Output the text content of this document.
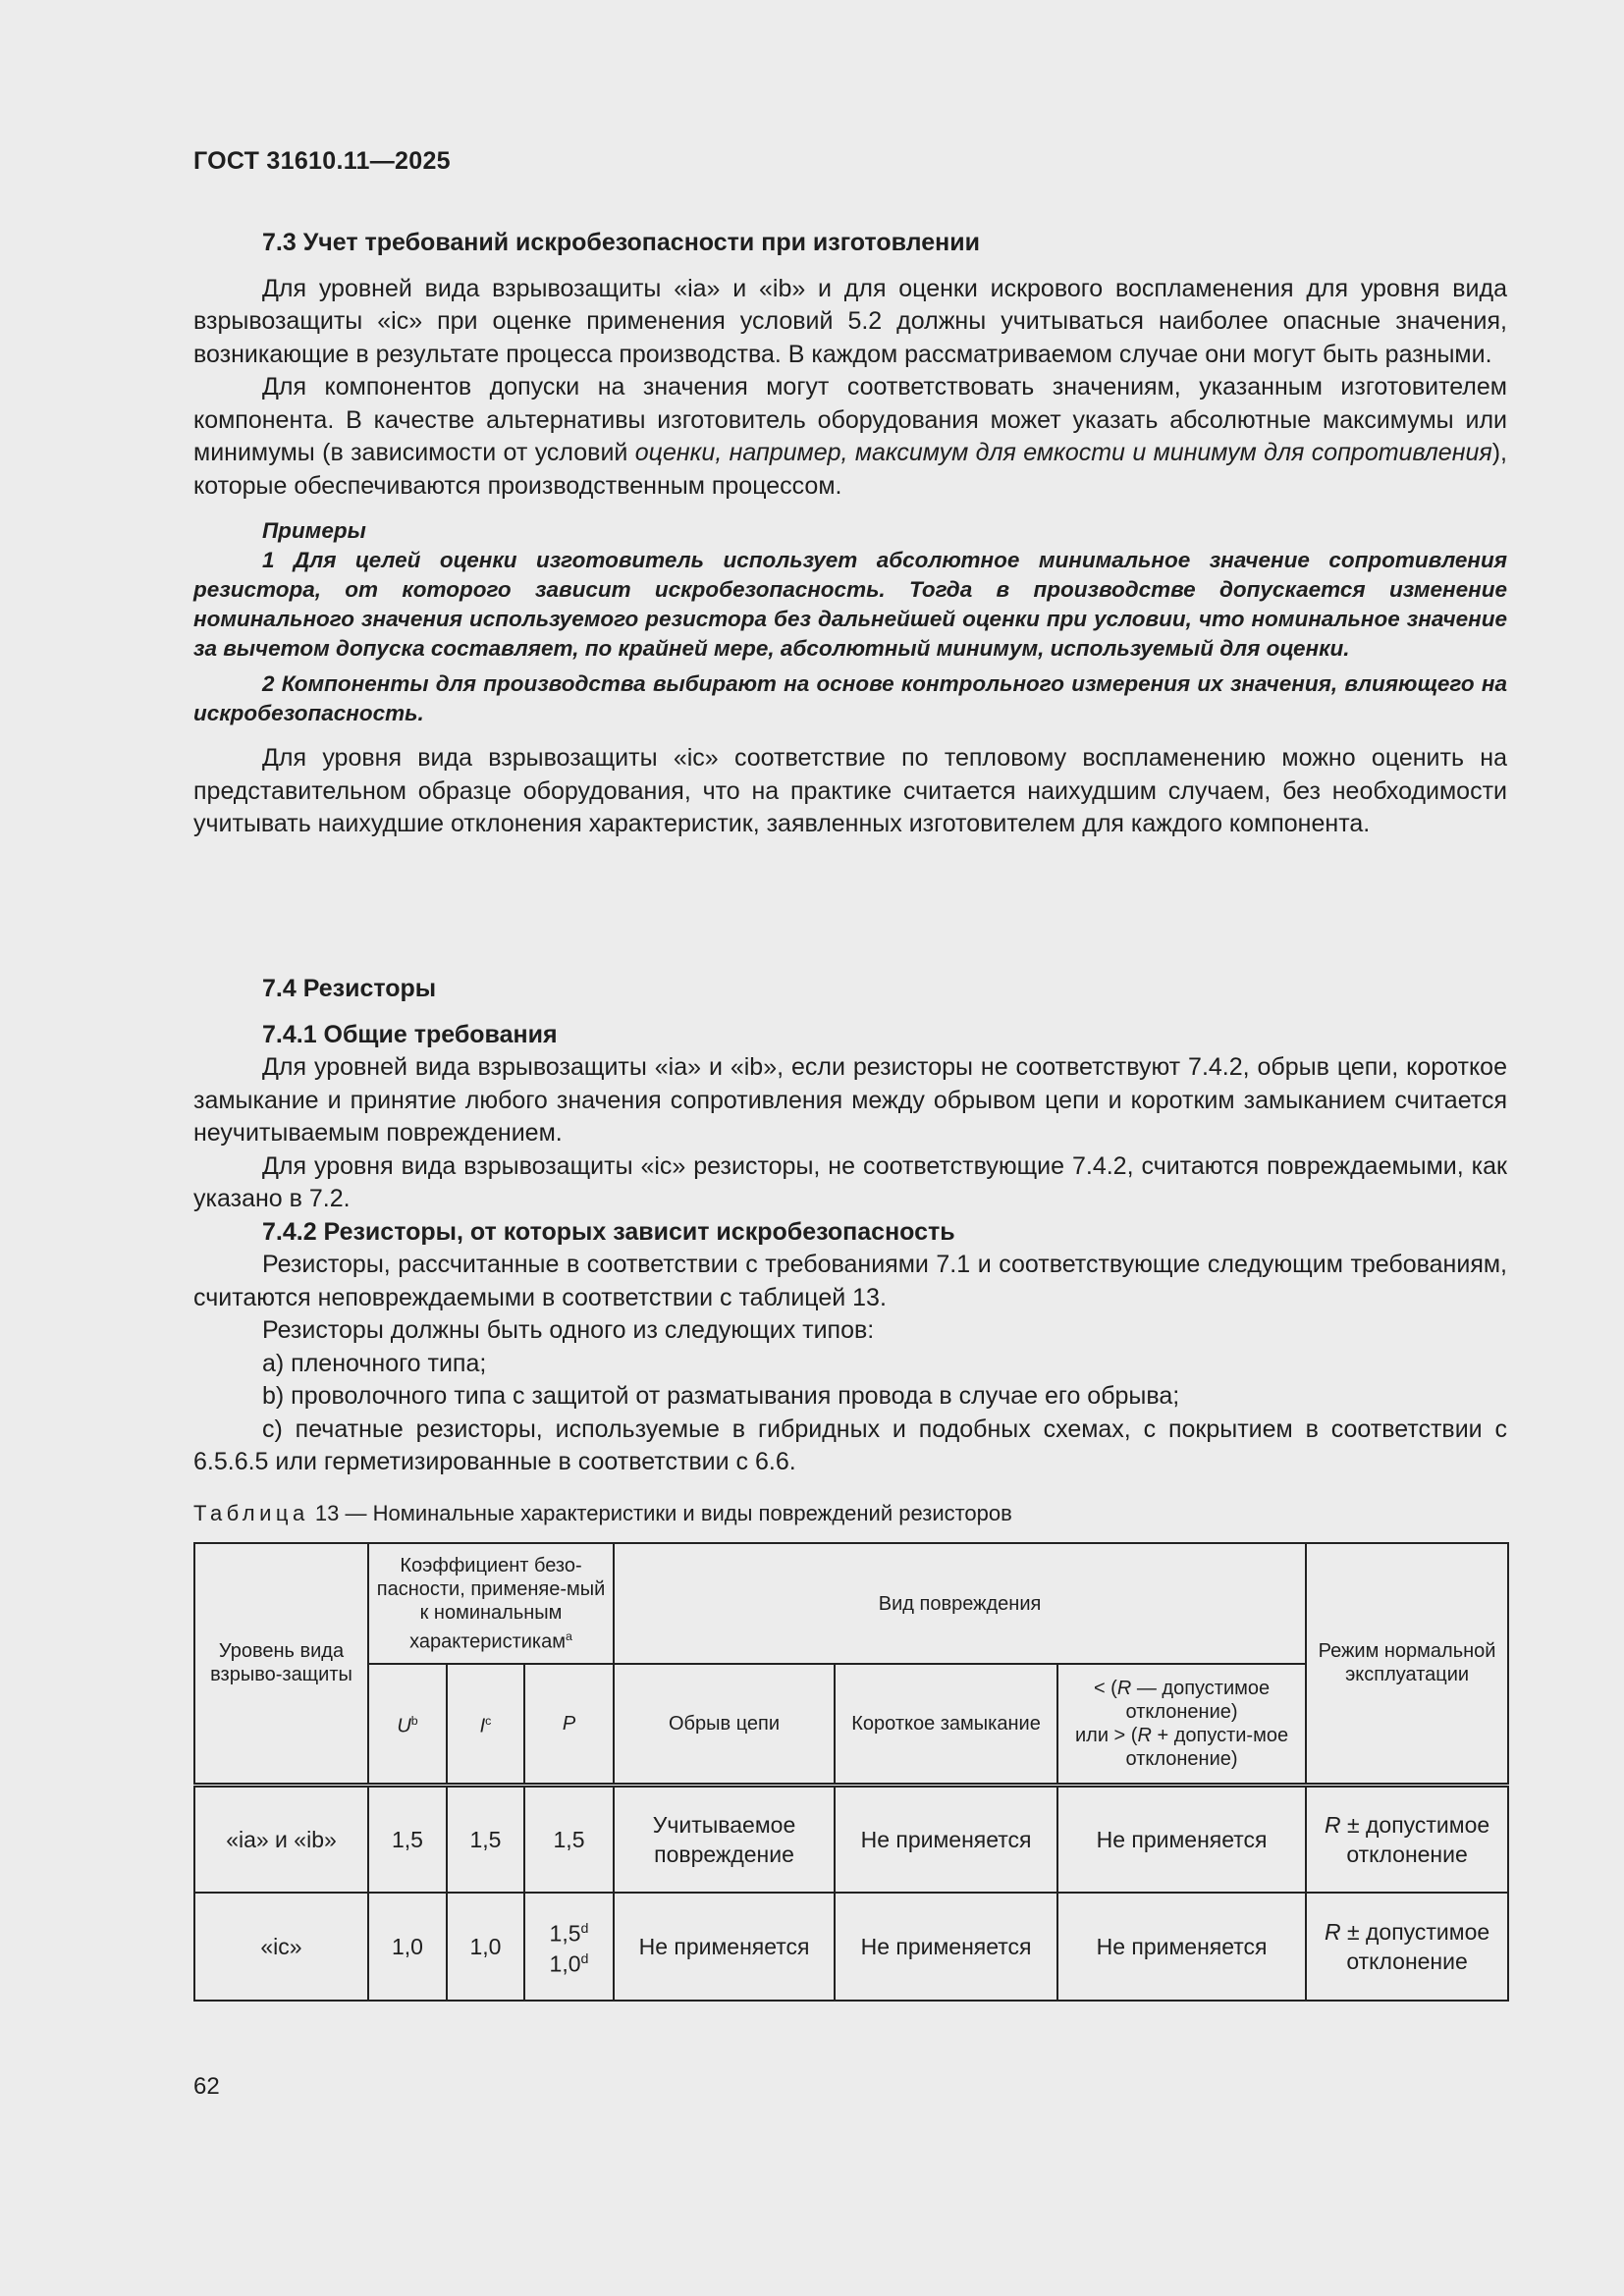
ГОСТ 31610.11—2025

7.3 Учет требований искробезопасности при изготовлении

Для уровней вида взрывозащиты «ia» и «ib» и для оценки искрового воспламенения для уровня вида взрывозащиты «ic» при оценке применения условий 5.2 должны учитываться наиболее опасные значения, возникающие в результате процесса производства. В каждом рассматриваемом случае они могут быть разными.

Для компонентов допуски на значения могут соответствовать значениям, указанным изготовителем компонента. В качестве альтернативы изготовитель оборудования может указать абсолютные максимумы или минимумы (в зависимости от условий оценки, например, максимум для емкости и минимум для сопротивления), которые обеспечиваются производственным процессом.

Примеры

1 Для целей оценки изготовитель использует абсолютное минимальное значение сопротивления резистора, от которого зависит искробезопасность. Тогда в производстве допускается изменение номинального значения используемого резистора без дальнейшей оценки при условии, что номинальное значение за вычетом допуска составляет, по крайней мере, абсолютный минимум, используемый для оценки.

2 Компоненты для производства выбирают на основе контрольного измерения их значения, влияющего на искробезопасность.

Для уровня вида взрывозащиты «ic» соответствие по тепловому воспламенению можно оценить на представительном образце оборудования, что на практике считается наихудшим случаем, без необходимости учитывать наихудшие отклонения характеристик, заявленных изготовителем для каждого компонента.

7.4 Резисторы

7.4.1 Общие требования

Для уровней вида взрывозащиты «ia» и «ib», если резисторы не соответствуют 7.4.2, обрыв цепи, короткое замыкание и принятие любого значения сопротивления между обрывом цепи и коротким замыканием считается неучитываемым повреждением.

Для уровня вида взрывозащиты «ic» резисторы, не соответствующие 7.4.2, считаются повреждаемыми, как указано в 7.2.

7.4.2 Резисторы, от которых зависит искробезопасность

Резисторы, рассчитанные в соответствии с требованиями 7.1 и соответствующие следующим требованиям, считаются неповреждаемыми в соответствии с таблицей 13.

Резисторы должны быть одного из следующих типов:

a) пленочного типа;

b) проволочного типа с защитой от разматывания провода в случае его обрыва;

c) печатные резисторы, используемые в гибридных и подобных схемах, с покрытием в соответствии с 6.5.6.5 или герметизированные в соответствии с 6.6.

Таблица 13 — Номинальные характеристики и виды повреждений резисторов
Уровень вида взрыво-защиты	Коэффициент безо-пасности, применяе-мый к номинальным характеристикам$^a$			Вид повреждения			Режим нормальной эксплуатации
	$U^b$	$I^c$	P	Обрыв цепи	Короткое замыкание	< (R — допустимое отклонение)
или > (R + допусти-мое отклонение)	
«ia» и «ib»	1,5	1,5	1,5	Учитываемое повреждение	Не применяется	Не применяется	R ± допустимое отклонение
«ic»	1,0	1,0	1,5$^d$
1,0$^d$	Не применяется	Не применяется	Не применяется	R ± допустимое отклонение
62
